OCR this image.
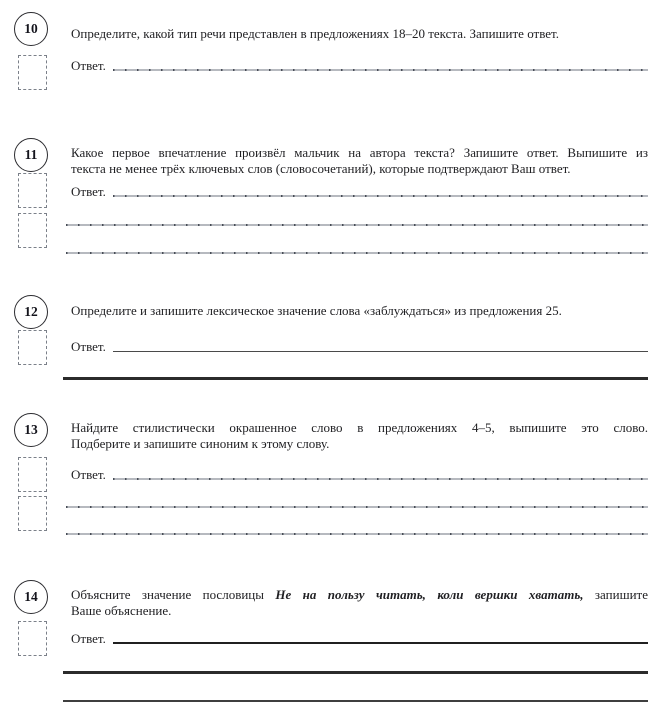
10	Определите, какой тип речи представлен в предложениях 18–20 текста. Запишите ответ.
Ответ.
11	Какое первое впечатление произвёл мальчик на автора текста? Запишите ответ. Выпишите из
текста не менее трёх ключевых слов (словосочетаний), которые подтверждают Ваш ответ.
Ответ.
12	Определите и запишите лексическое значение слова «заблуждаться» из предложения 25.
Ответ.
13	Найдите стилистически окрашенное слово в предложениях 4–5, выпишите это слово.
Подберите и запишите синоним к этому слову.
Ответ.
14	Объясните значение пословицы Не на пользу читать, коли вершки хватать, запишите
Ваше объяснение.
Ответ.
